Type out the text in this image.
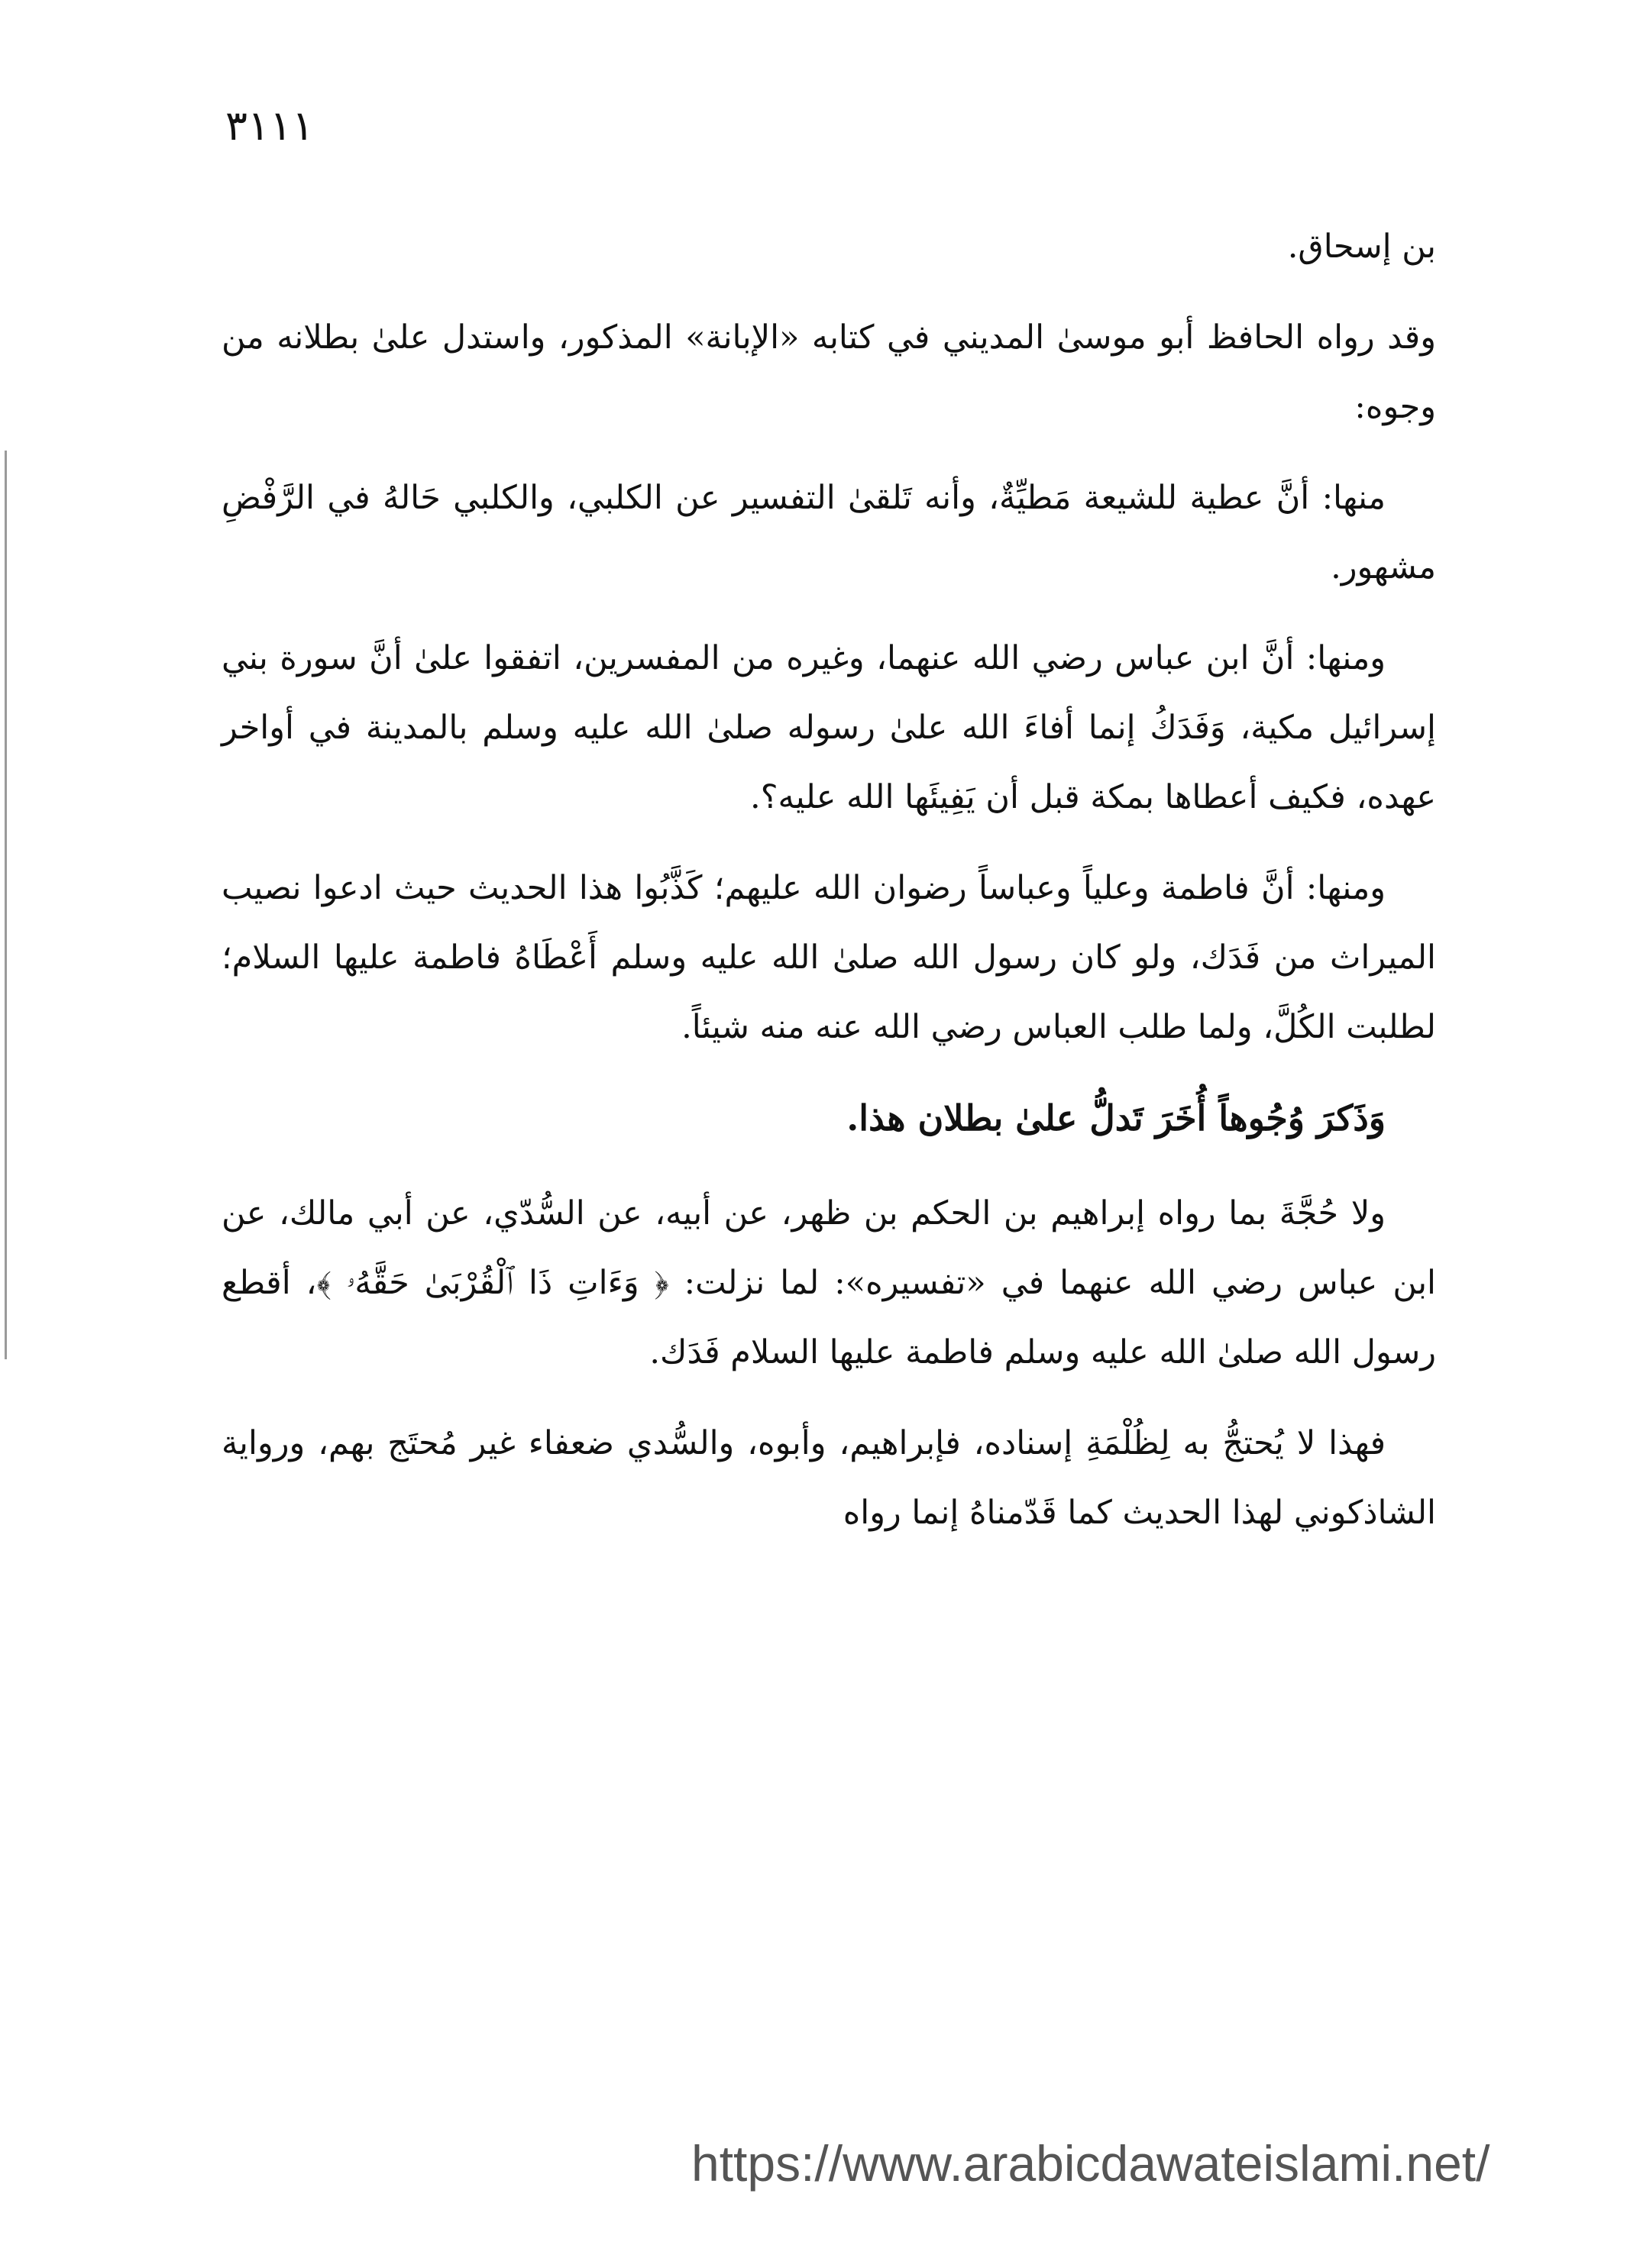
٣١١١

بن إسحاق.

وقد رواه الحافظ أبو موسىٰ المديني في كتابه «الإبانة» المذكور، واستدل علىٰ بطلانه من وجوه:

منها: أنَّ عطية للشيعة مَطيِّةٌ، وأنه تَلقىٰ التفسير عن الكلبي، والكلبي حَالهُ في الرَّفْضِ مشهور.

ومنها: أنَّ ابن عباس رضي الله عنهما، وغيره من المفسرين، اتفقوا علىٰ أنَّ سورة بني إسرائيل مكية، وَفَدَكُ إنما أفاءَ الله علىٰ رسوله صلىٰ الله عليه وسلم بالمدينة في أواخر عهده، فكيف أعطاها بمكة قبل أن يَفِيئَها الله عليه؟.

ومنها: أنَّ فاطمة وعلياً وعباساً رضوان الله عليهم؛ كَذَّبُوا هذا الحديث حيث ادعوا نصيب الميراث من فَدَك، ولو كان رسول الله صلىٰ الله عليه وسلم أَعْطَاهُ فاطمة عليها السلام؛ لطلبت الكُلَّ، ولما طلب العباس رضي الله عنه منه شيئاً.

وَذَكرَ وُجُوهاً أُخَرَ تَدلُّ علىٰ بطلان هذا.

ولا حُجَّةَ بما رواه إبراهيم بن الحكم بن ظهر، عن أبيه، عن السُّدّي، عن أبي مالك، عن ابن عباس رضي الله عنهما في «تفسيره»: لما نزلت: ﴿ وَءَاتِ ذَا ٱلْقُرْبَىٰ حَقَّهُۥ ﴾، أقطع رسول الله صلىٰ الله عليه وسلم فاطمة عليها السلام فَدَك.

فهذا لا يُحتجُّ به لِظُلْمَةِ إسناده، فإبراهيم، وأبوه، والسُّدي ضعفاء غير مُحتَج بهم، ورواية الشاذكوني لهذا الحديث كما قَدّمناهُ إنما رواه

https://www.arabicdawateislami.net/
